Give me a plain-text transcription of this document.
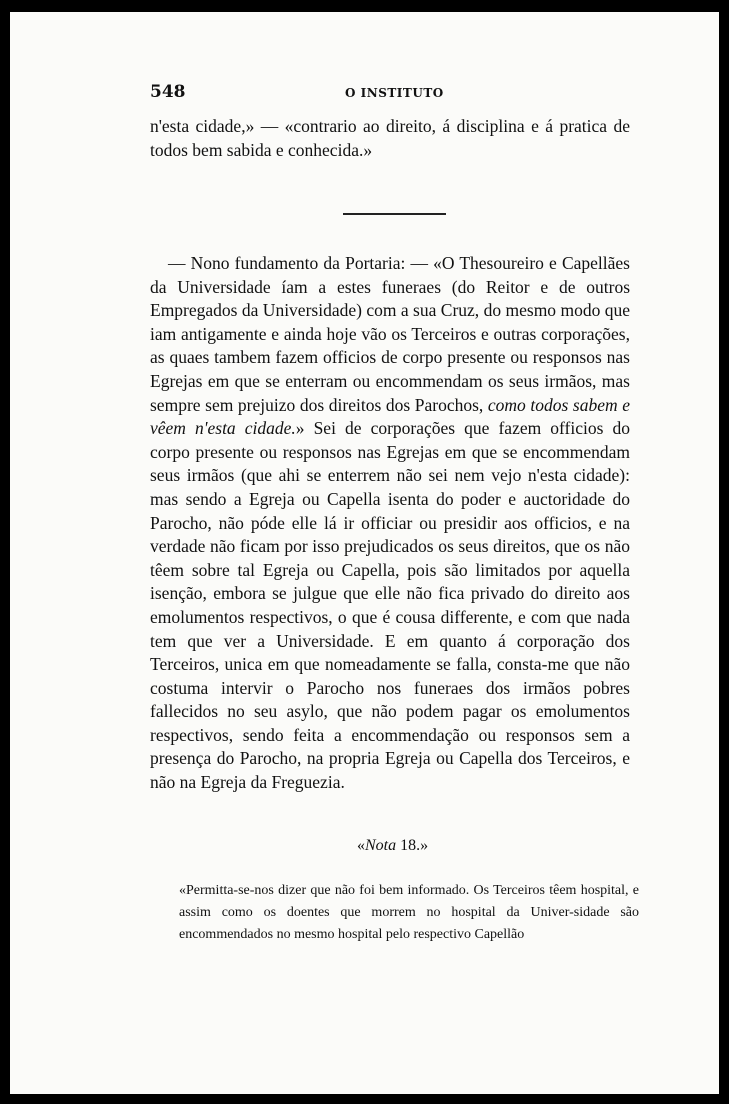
548	O INSTITUTO

n'esta cidade,» — «contrario ao direito, á disciplina e á pratica de todos bem sabida e conhecida.»

— Nono fundamento da Portaria: — «O Thesoureiro e Capellães da Universidade íam a estes funeraes (do Reitor e de outros Empregados da Universidade) com a sua Cruz, do mesmo modo que iam antigamente e ainda hoje vão os Terceiros e outras corporações, as quaes tambem fazem officios de corpo presente ou responsos nas Egrejas em que se enterram ou encommendam os seus irmãos, mas sempre sem prejuizo dos direitos dos Parochos, como todos sabem e vêem n'esta cidade.» Sei de corporações que fazem officios do corpo presente ou responsos nas Egrejas em que se encommendam seus irmãos (que ahi se enterrem não sei nem vejo n'esta cidade): mas sendo a Egreja ou Capella isenta do poder e auctoridade do Parocho, não póde elle lá ir officiar ou presidir aos officios, e na verdade não ficam por isso prejudicados os seus direitos, que os não têem sobre tal Egreja ou Capella, pois são limitados por aquella isenção, embora se julgue que elle não fica privado do direito aos emolumentos respectivos, o que é cousa differente, e com que nada tem que ver a Universidade. E em quanto á corporação dos Terceiros, unica em que nomeadamente se falla, consta-me que não costuma intervir o Parocho nos funeraes dos irmãos pobres fallecidos no seu asylo, que não podem pagar os emolumentos respectivos, sendo feita a encommendação ou responsos sem a presença do Parocho, na propria Egreja ou Capella dos Terceiros, e não na Egreja da Freguezia.

«Nota 18.»

«Permitta-se-nos dizer que não foi bem informado. Os Terceiros têem hospital, e assim como os doentes que morrem no hospital da Univer-sidade são encommendados no mesmo hospital pelo respectivo Capellão
